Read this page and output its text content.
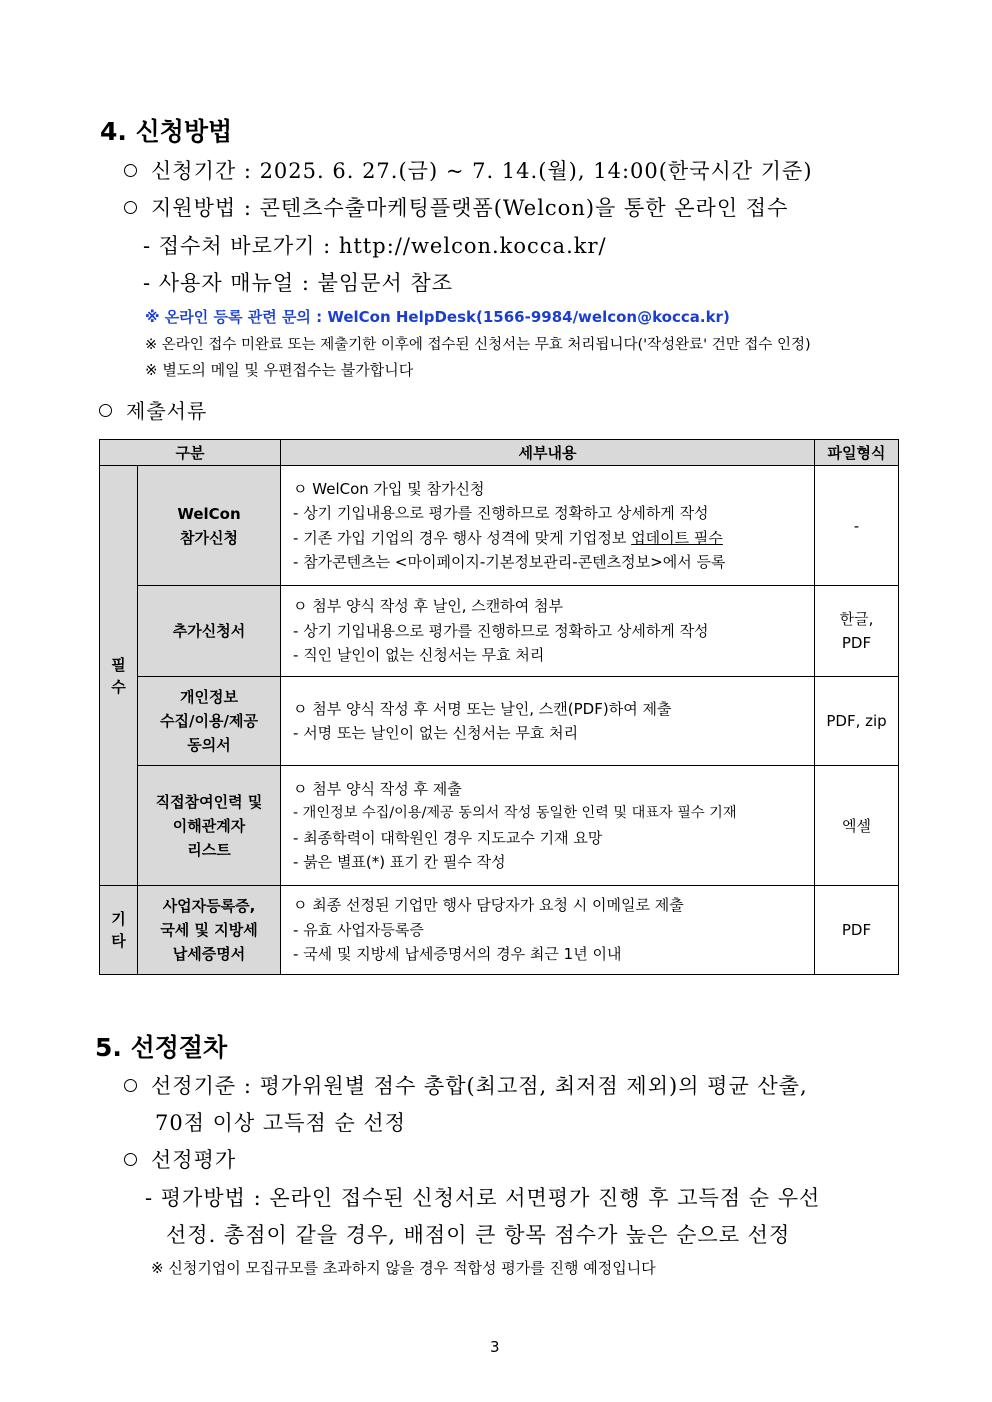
4. 신청방법
신청기간 : 2025. 6. 27.(금) ~ 7. 14.(월), 14:00(한국시간 기준)
지원방법 : 콘텐츠수출마케팅플랫폼(Welcon)을 통한 온라인 접수
- 접수처 바로가기 : http://welcon.kocca.kr/
- 사용자 매뉴얼 : 붙임문서 참조
※ 온라인 등록 관련 문의 : WelCon HelpDesk(1566-9984/welcon@kocca.kr)
※ 온라인 접수 미완료 또는 제출기한 이후에 접수된 신청서는 무효 처리됩니다('작성완료' 건만 접수 인정)
※ 별도의 메일 및 우편접수는 불가합니다
제출서류
구분		세부내용	파일형식

필
수	WelCon
참가신청	ㅇ WelCon 가입 및 참가신청
- 상기 기입내용으로 평가를 진행하므로 정확하고 상세하게 작성
- 기존 가입 기업의 경우 행사 성격에 맞게 기업정보 업데이트 필수
- 참가콘텐츠는 <마이페이지-기본정보관리-콘텐츠정보>에서 등록	-

	추가신청서	ㅇ 첨부 양식 작성 후 날인, 스캔하여 첨부
- 상기 기입내용으로 평가를 진행하므로 정확하고 상세하게 작성
- 직인 날인이 없는 신청서는 무효 처리	한글,
PDF

	개인정보
수집/이용/제공
동의서	ㅇ 첨부 양식 작성 후 서명 또는 날인, 스캔(PDF)하여 제출
- 서명 또는 날인이 없는 신청서는 무효 처리	PDF, zip

	직접참여인력 및
이해관계자
리스트	ㅇ 첨부 양식 작성 후 제출
- 개인정보 수집/이용/제공 동의서 작성 동일한 인력 및 대표자 필수 기재
- 최종학력이 대학원인 경우 지도교수 기재 요망
- 붉은 별표(*) 표기 칸 필수 작성	엑셀

기
타	사업자등록증,
국세 및 지방세
납세증명서	ㅇ 최종 선정된 기업만 행사 담당자가 요청 시 이메일로 제출
- 유효 사업자등록증
- 국세 및 지방세 납세증명서의 경우 최근 1년 이내	PDF
5. 선정절차
선정기준 : 평가위원별 점수 총합(최고점, 최저점 제외)의 평균 산출,
70점 이상 고득점 순 선정
선정평가
- 평가방법 : 온라인 접수된 신청서로 서면평가 진행 후 고득점 순 우선
선정. 총점이 같을 경우, 배점이 큰 항목 점수가 높은 순으로 선정
※ 신청기업이 모집규모를 초과하지 않을 경우 적합성 평가를 진행 예정입니다
3
